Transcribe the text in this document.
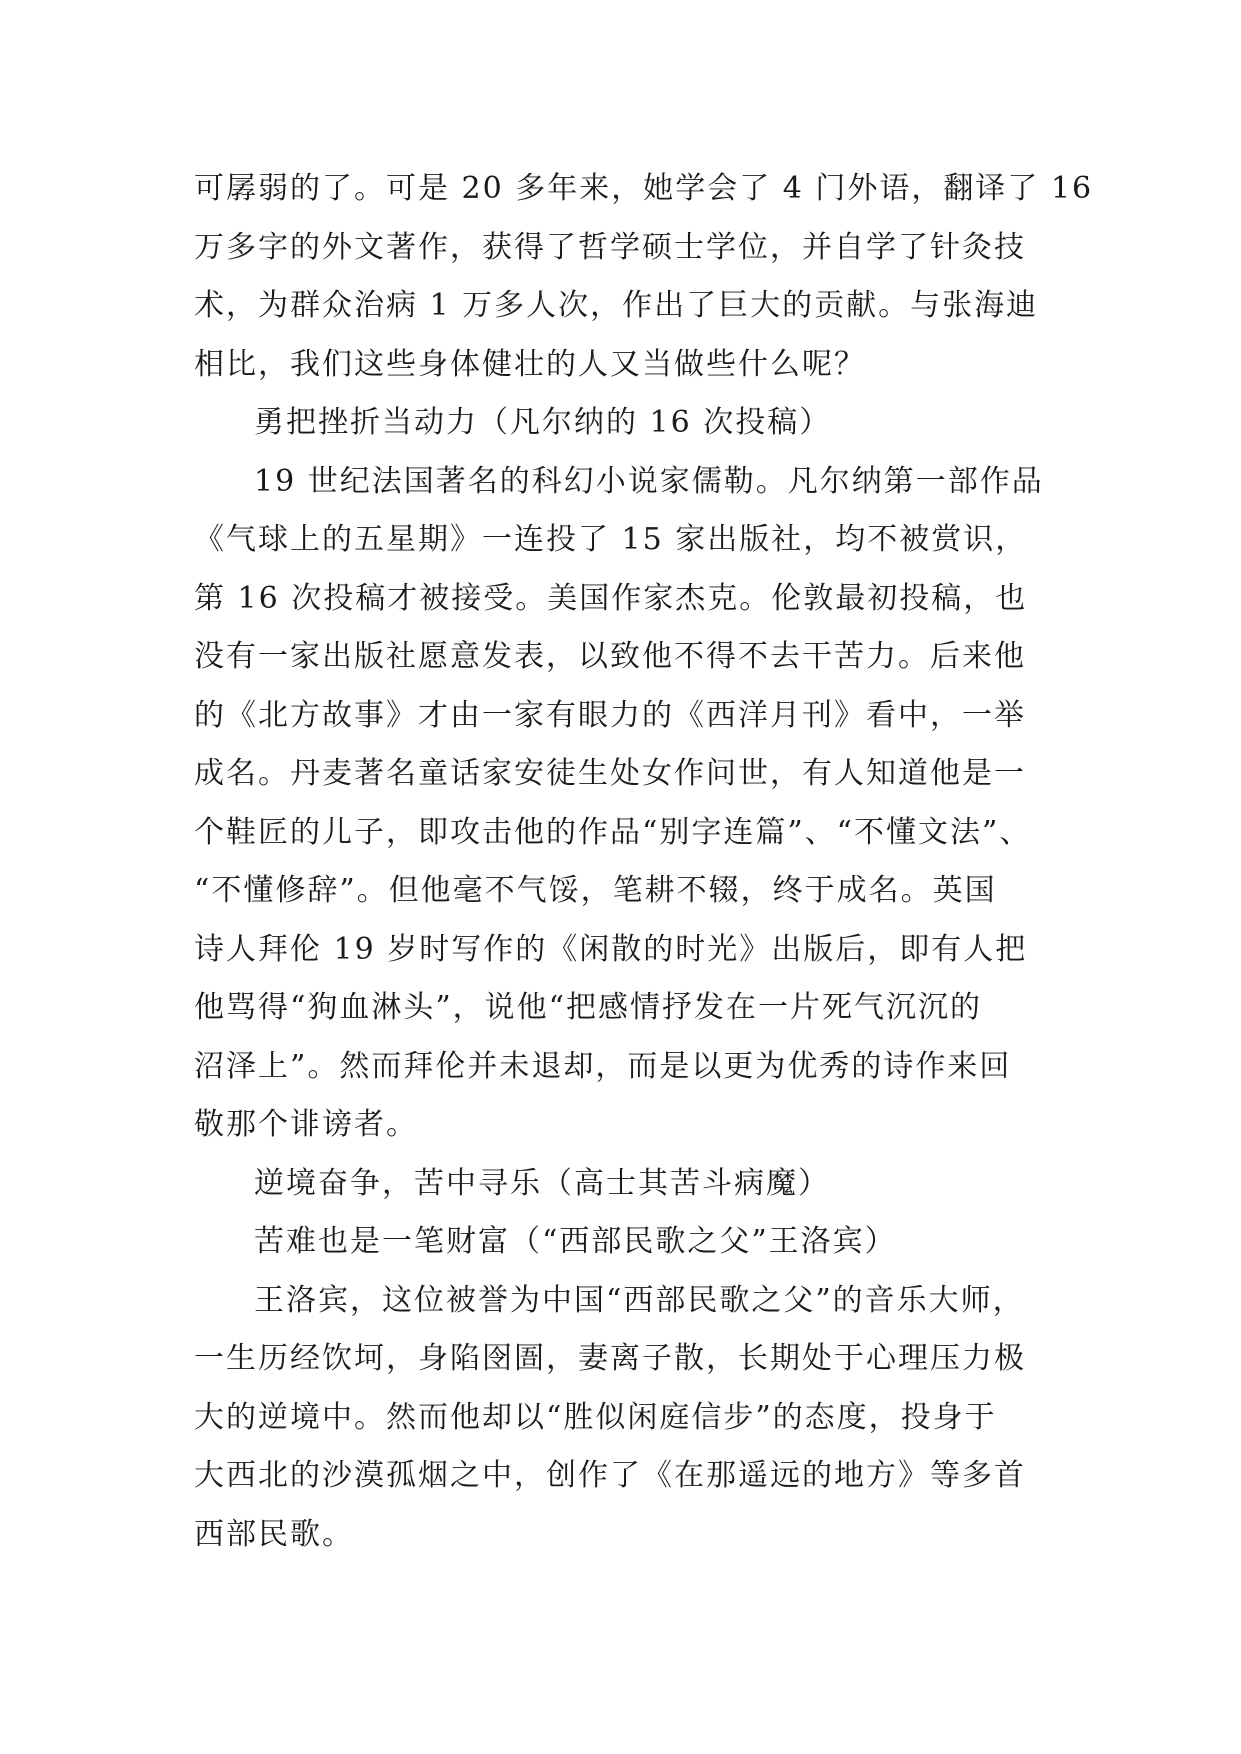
可孱弱的了。可是 20 多年来，她学会了 4 门外语，翻译了 16
万多字的外文著作，获得了哲学硕士学位，并自学了针灸技
术，为群众治病 1 万多人次，作出了巨大的贡献。与张海迪
相比，我们这些身体健壮的人又当做些什么呢？
勇把挫折当动力（凡尔纳的 16 次投稿）
19 世纪法国著名的科幻小说家儒勒。凡尔纳第一部作品
《气球上的五星期》一连投了 15 家出版社，均不被赏识，
第 16 次投稿才被接受。美国作家杰克。伦敦最初投稿，也
没有一家出版社愿意发表，以致他不得不去干苦力。后来他
的《北方故事》才由一家有眼力的《西洋月刊》看中，一举
成名。丹麦著名童话家安徒生处女作问世，有人知道他是一
个鞋匠的儿子，即攻击他的作品“别字连篇”、“不懂文法”、
“不懂修辞”。但他毫不气馁，笔耕不辍，终于成名。英国
诗人拜伦 19 岁时写作的《闲散的时光》出版后，即有人把
他骂得“狗血淋头”，说他“把感情抒发在一片死气沉沉的
沼泽上”。然而拜伦并未退却，而是以更为优秀的诗作来回
敬那个诽谤者。
逆境奋争，苦中寻乐（高士其苦斗病魔）
苦难也是一笔财富（“西部民歌之父”王洛宾）
王洛宾，这位被誉为中国“西部民歌之父”的音乐大师，
一生历经饮坷，身陷囹圄，妻离子散，长期处于心理压力极
大的逆境中。然而他却以“胜似闲庭信步”的态度，投身于
大西北的沙漠孤烟之中，创作了《在那遥远的地方》等多首
西部民歌。
